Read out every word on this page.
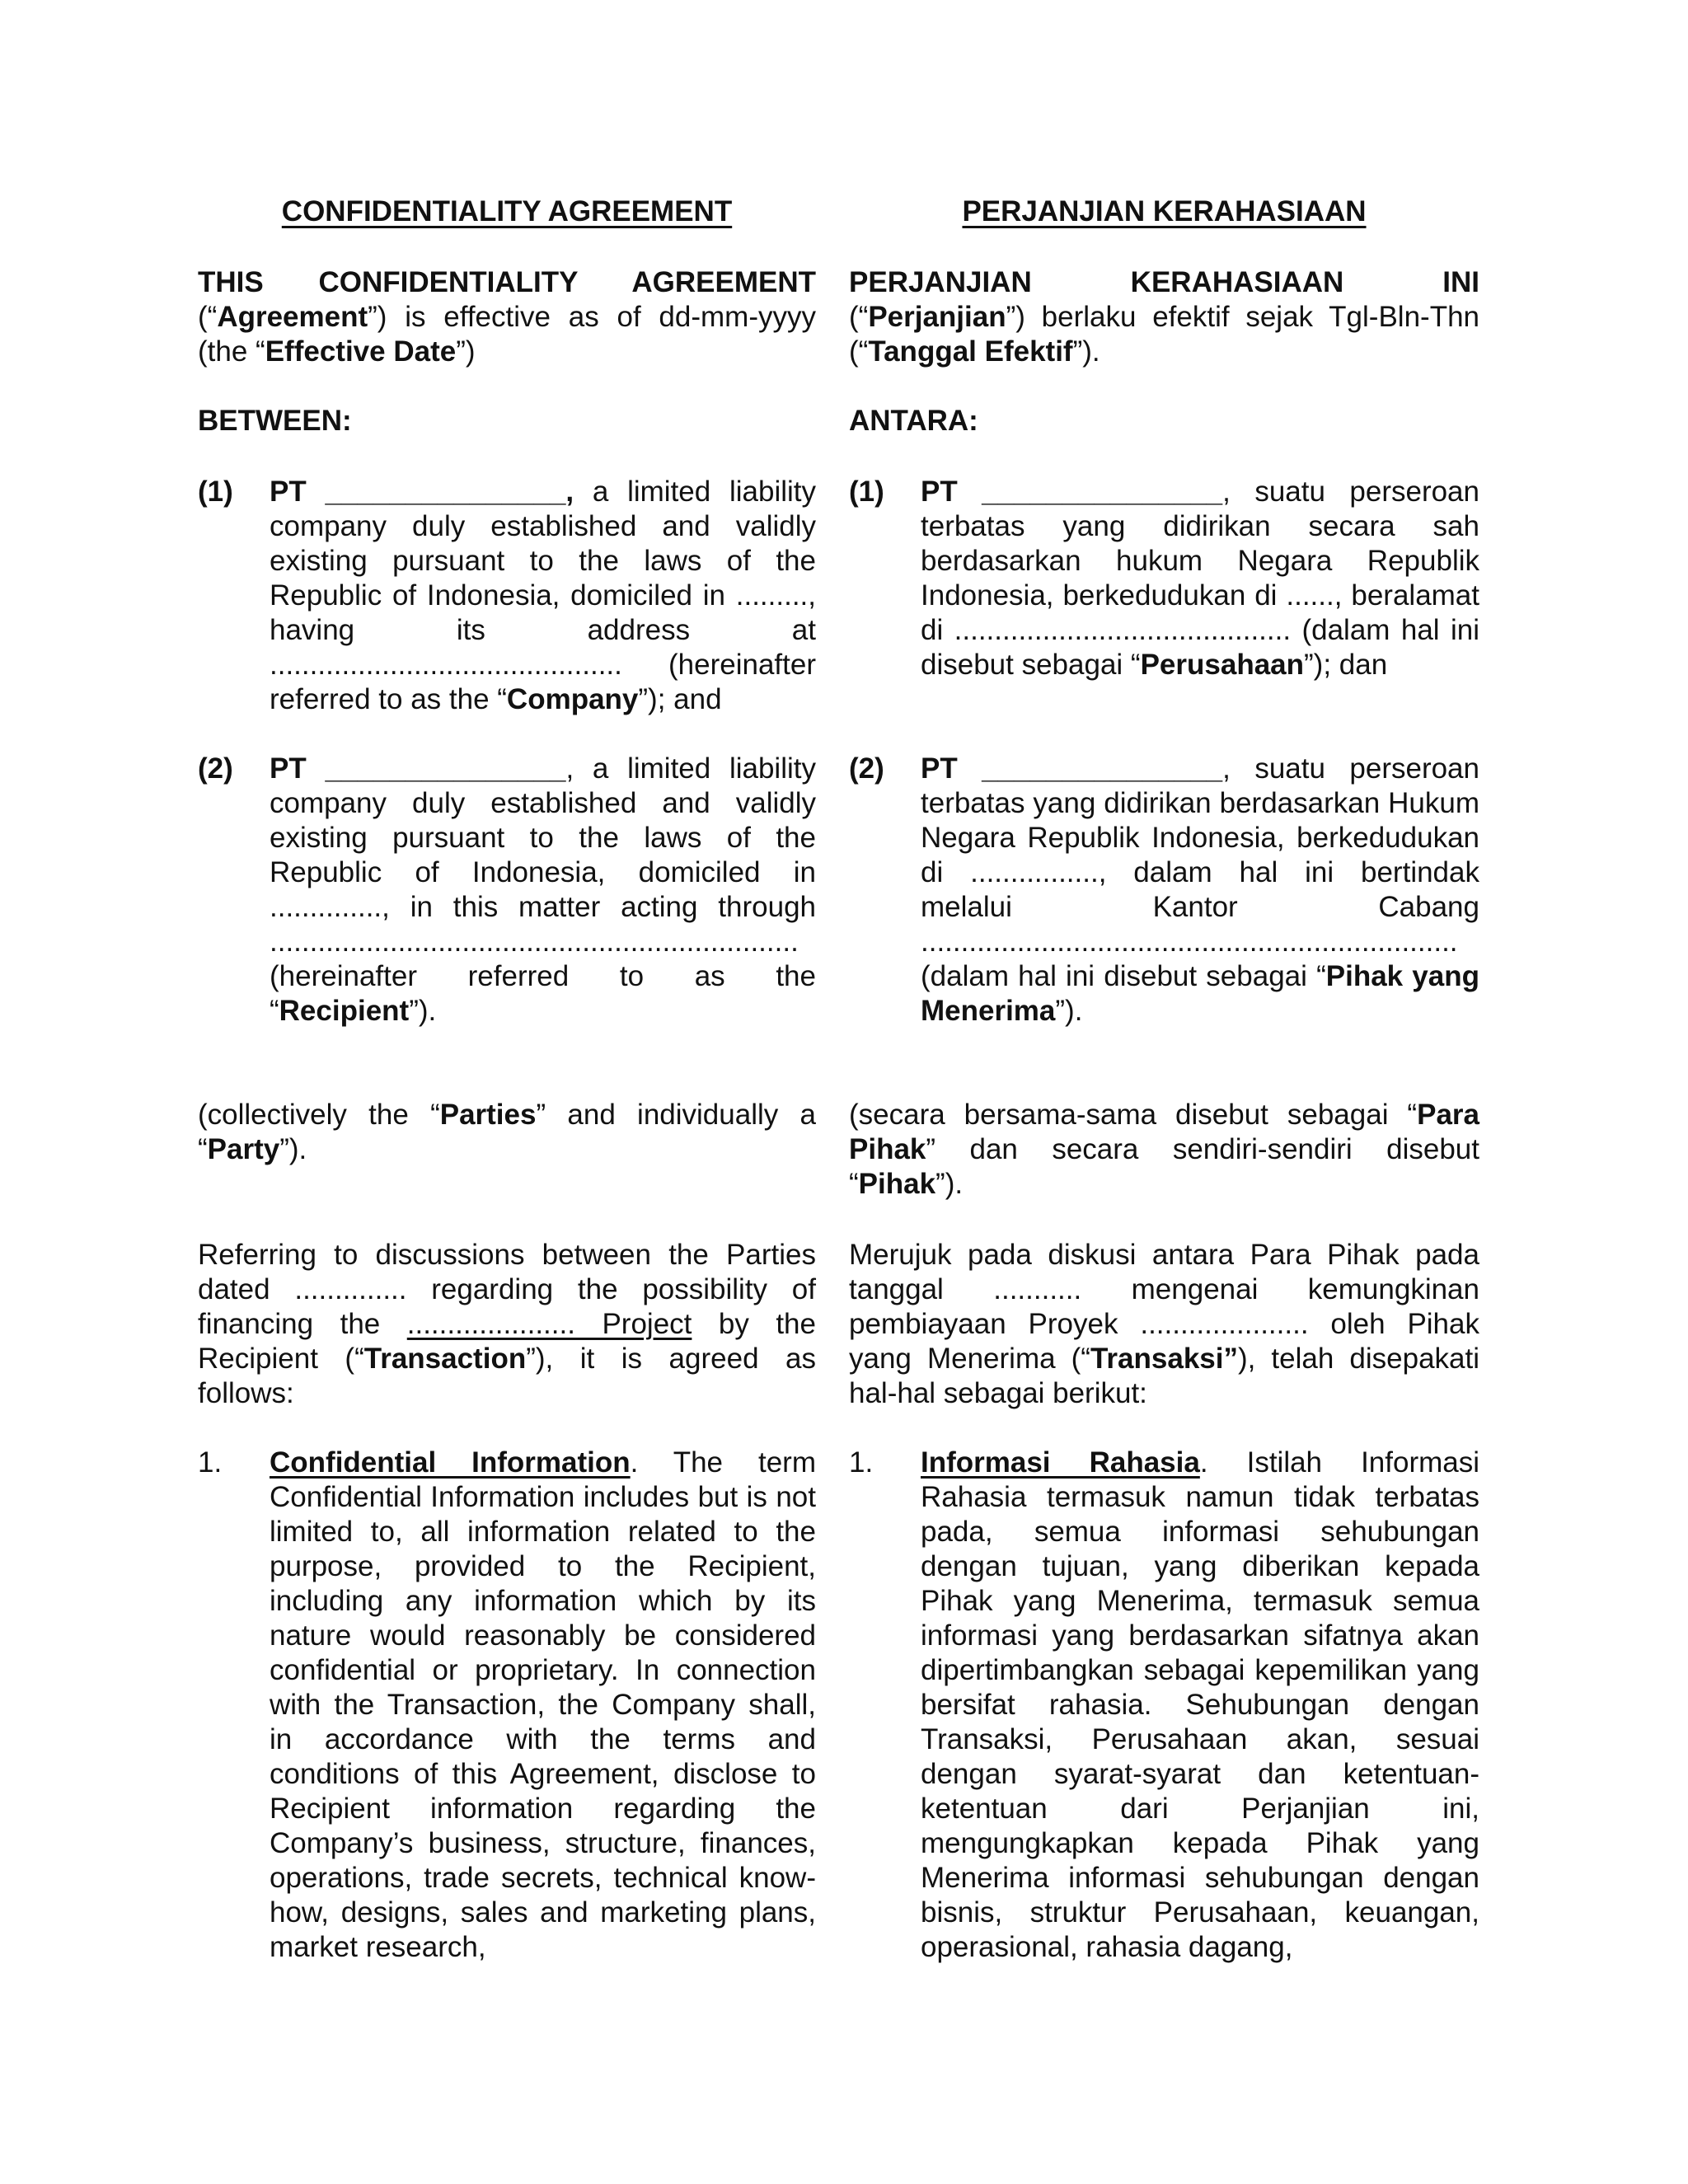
CONFIDENTIALITY AGREEMENT
THIS CONFIDENTIALITY AGREEMENT (“Agreement”) is effective as of dd-mm-yyyy (the “Effective Date”)
BETWEEN:
(1) PT _______________, a limited liability company duly established and validly existing pursuant to the laws of the Republic of Indonesia, domiciled in ........., having its address at ............................................ (hereinafter referred to as the “Company”); and
(2) PT _______________, a limited liability company duly established and validly existing pursuant to the laws of the Republic of Indonesia, domiciled in .............., in this matter acting through .................................................................. (hereinafter referred to as the “Recipient”).
(collectively the “Parties” and individually a “Party”).
Referring to discussions between the Parties dated .............. regarding the possibility of financing the ..................... Project by the Recipient (“Transaction”), it is agreed as follows:
1. Confidential Information. The term Confidential Information includes but is not limited to, all information related to the purpose, provided to the Recipient, including any information which by its nature would reasonably be considered confidential or proprietary. In connection with the Transaction, the Company shall, in accordance with the terms and conditions of this Agreement, disclose to Recipient information regarding the Company’s business, structure, finances, operations, trade secrets, technical know-how, designs, sales and marketing plans, market research,
PERJANJIAN KERAHASIAAN
PERJANJIAN KERAHASIAAN INI (“Perjanjian”) berlaku efektif sejak Tgl-Bln-Thn (“Tanggal Efektif”).
ANTARA:
(1) PT _______________, suatu perseroan terbatas yang didirikan secara sah berdasarkan hukum Negara Republik Indonesia, berkedudukan di ......, beralamat di .......................................... (dalam hal ini disebut sebagai “Perusahaan”); dan
(2) PT _______________, suatu perseroan terbatas yang didirikan berdasarkan Hukum Negara Republik Indonesia, berkedudukan di ................, dalam hal ini bertindak melalui Kantor Cabang ................................................................... (dalam hal ini disebut sebagai “Pihak yang Menerima”).
(secara bersama-sama disebut sebagai “Para Pihak” dan secara sendiri-sendiri disebut “Pihak”).
Merujuk pada diskusi antara Para Pihak pada tanggal ........... mengenai kemungkinan pembiayaan Proyek ..................... oleh Pihak yang Menerima (“Transaksi”), telah disepakati hal-hal sebagai berikut:
1. Informasi Rahasia. Istilah Informasi Rahasia termasuk namun tidak terbatas pada, semua informasi sehubungan dengan tujuan, yang diberikan kepada Pihak yang Menerima, termasuk semua informasi yang berdasarkan sifatnya akan dipertimbangkan sebagai kepemilikan yang bersifat rahasia. Sehubungan dengan Transaksi, Perusahaan akan, sesuai dengan syarat-syarat dan ketentuan-ketentuan dari Perjanjian ini, mengungkapkan kepada Pihak yang Menerima informasi sehubungan dengan bisnis, struktur Perusahaan, keuangan, operasional, rahasia dagang,
